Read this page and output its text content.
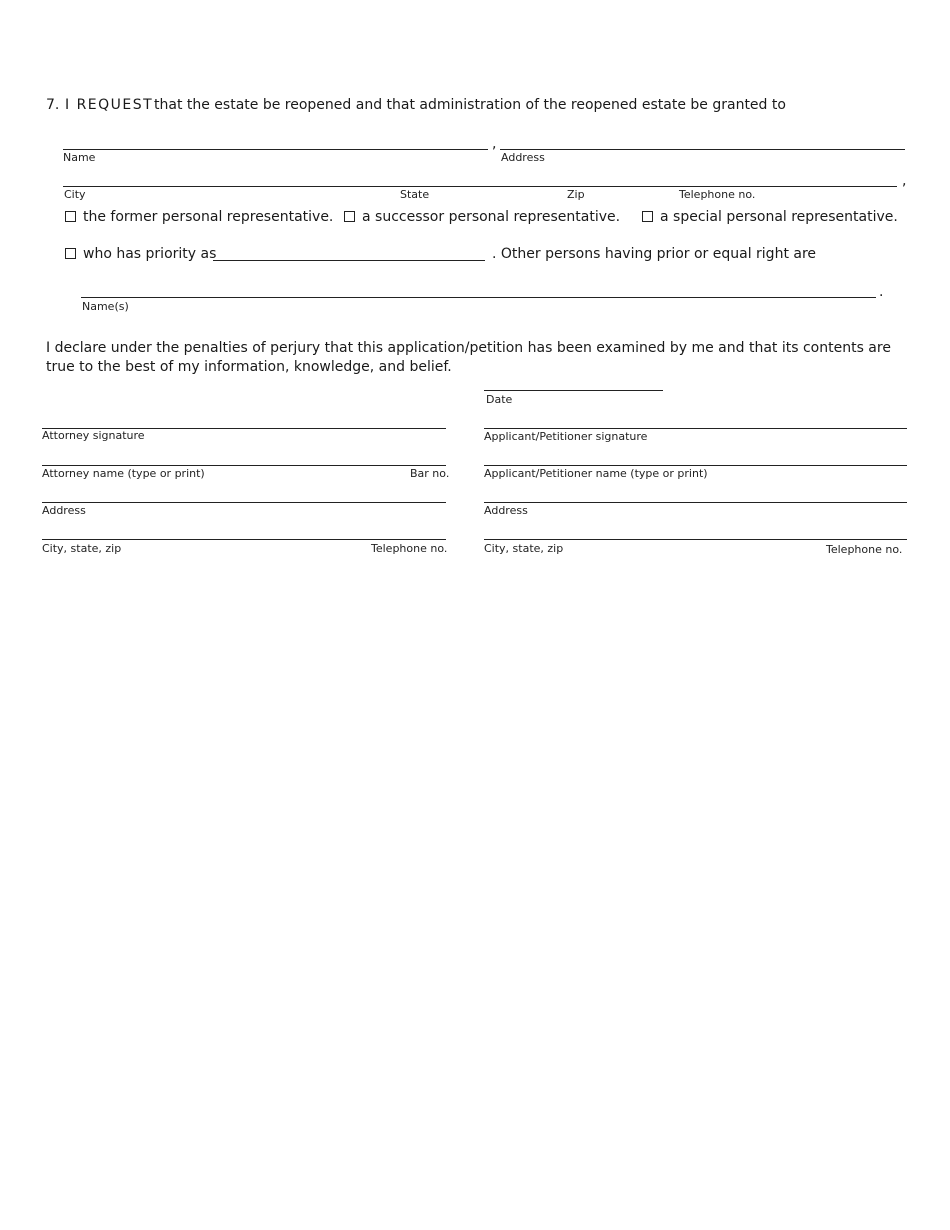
7. I REQUEST that the estate be reopened and that administration of the reopened estate be granted to
,
Name	Address
,
City	State	Zip	Telephone no.
the former personal representative. a successor personal representative.	a special personal representative.
who has priority as	. Other persons having prior or equal right are
.
Name(s)
I declare under the penalties of perjury that this application/petition has been examined by me and that its contents are true to the best of my information, knowledge, and belief.
Date
Attorney signature
Attorney name (type or print)	Bar no.
Address
City, state, zip	Telephone no.
Applicant/Petitioner signature
Applicant/Petitioner name (type or print)
Address
City, state, zip	Telephone no.
